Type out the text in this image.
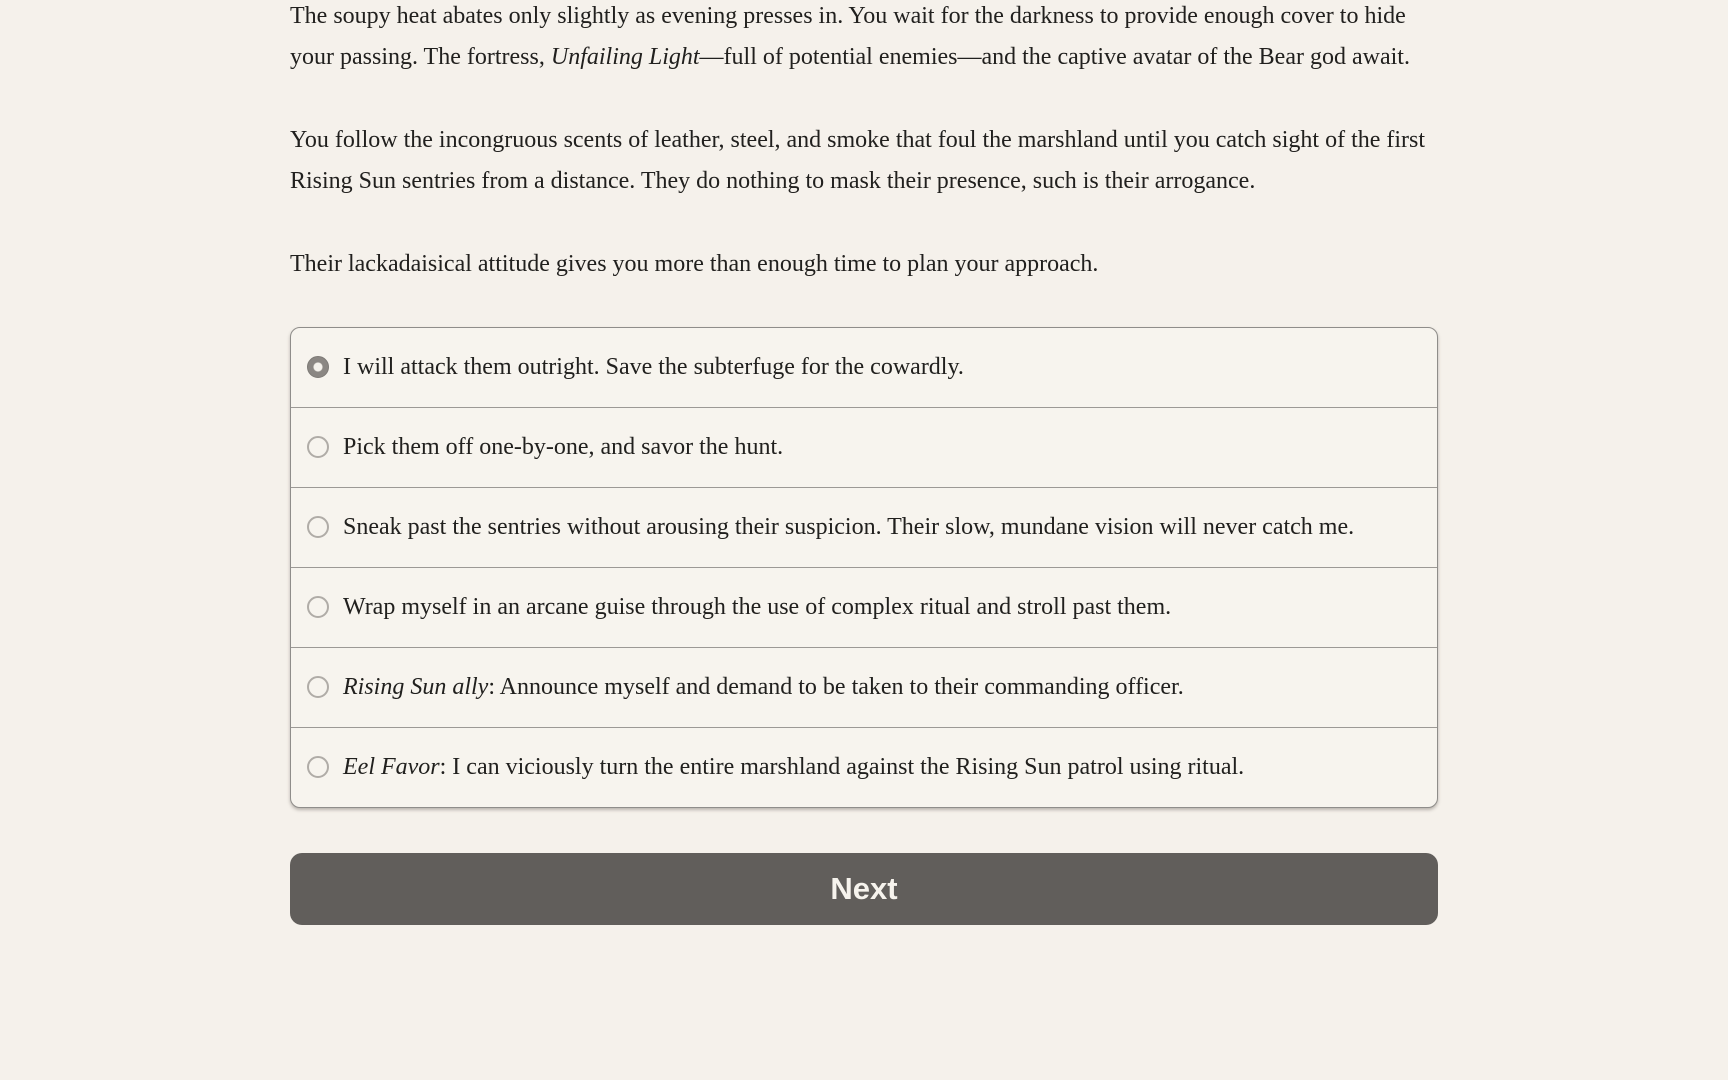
The soupy heat abates only slightly as evening presses in. You wait for the darkness to provide enough cover to hide your passing. The fortress, Unfailing Light—full of potential enemies—and the captive avatar of the Bear god await.

You follow the incongruous scents of leather, steel, and smoke that foul the marshland until you catch sight of the first Rising Sun sentries from a distance. They do nothing to mask their presence, such is their arrogance.

Their lackadaisical attitude gives you more than enough time to plan your approach.

I will attack them outright. Save the subterfuge for the cowardly.
Pick them off one-by-one, and savor the hunt.
Sneak past the sentries without arousing their suspicion. Their slow, mundane vision will never catch me.
Wrap myself in an arcane guise through the use of complex ritual and stroll past them.
Rising Sun ally: Announce myself and demand to be taken to their commanding officer.
Eel Favor: I can viciously turn the entire marshland against the Rising Sun patrol using ritual.
Next
